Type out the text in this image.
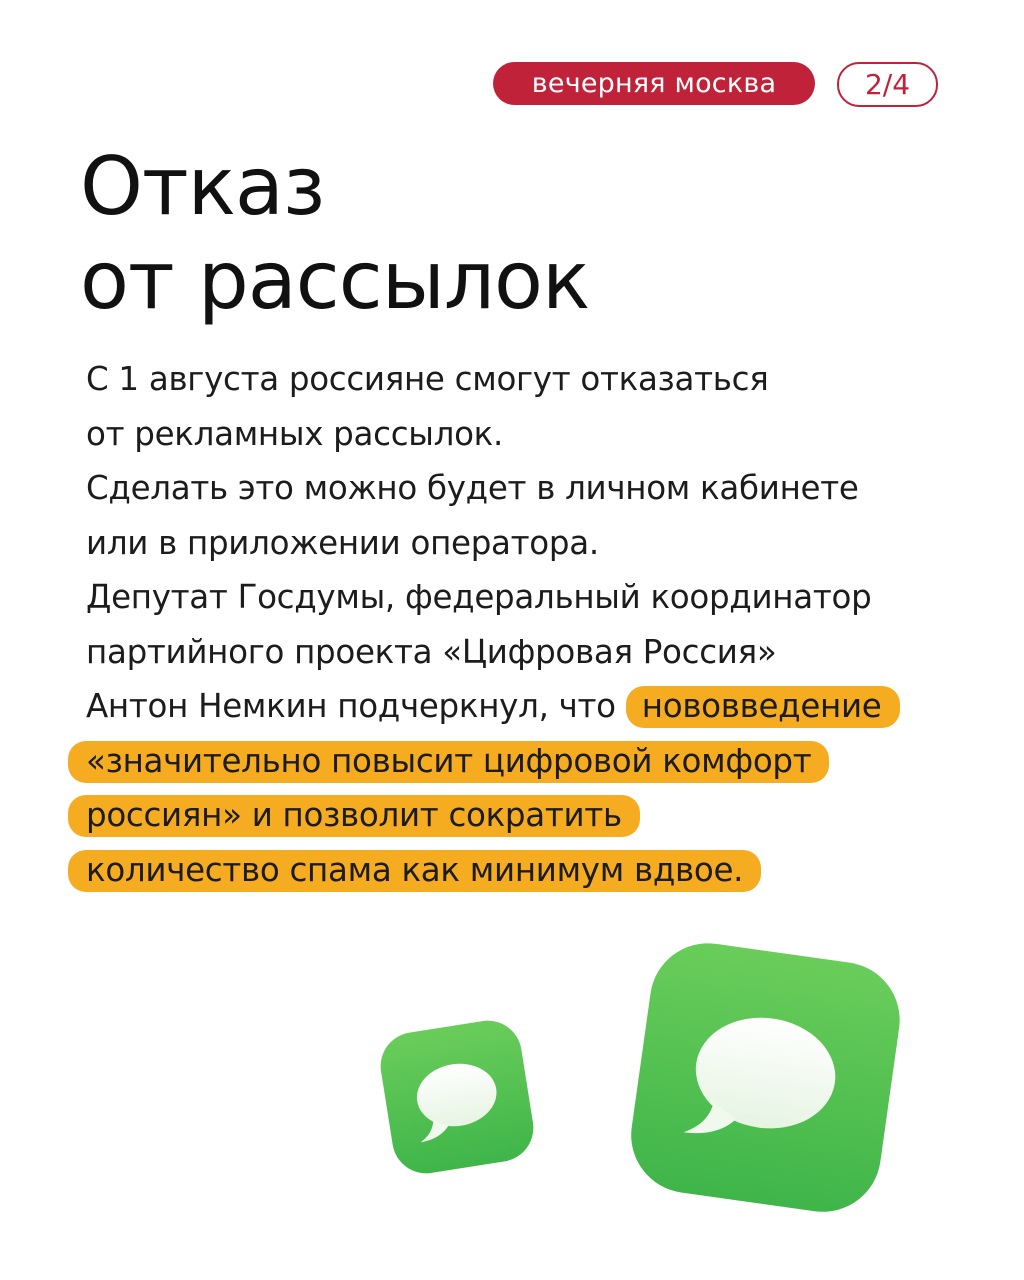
вечерняя москва	2/4
Отказ
от рассылок
С 1 августа россияне смогут отказаться
от рекламных рассылок.
Сделать это можно будет в личном кабинете
или в приложении оператора.
Депутат Госдумы, федеральный координатор
партийного проекта «Цифровая Россия»
Антон Немкин подчеркнул, что нововведение
«значительно повысит цифровой комфорт
россиян» и позволит сократить
количество спама как минимум вдвое.
